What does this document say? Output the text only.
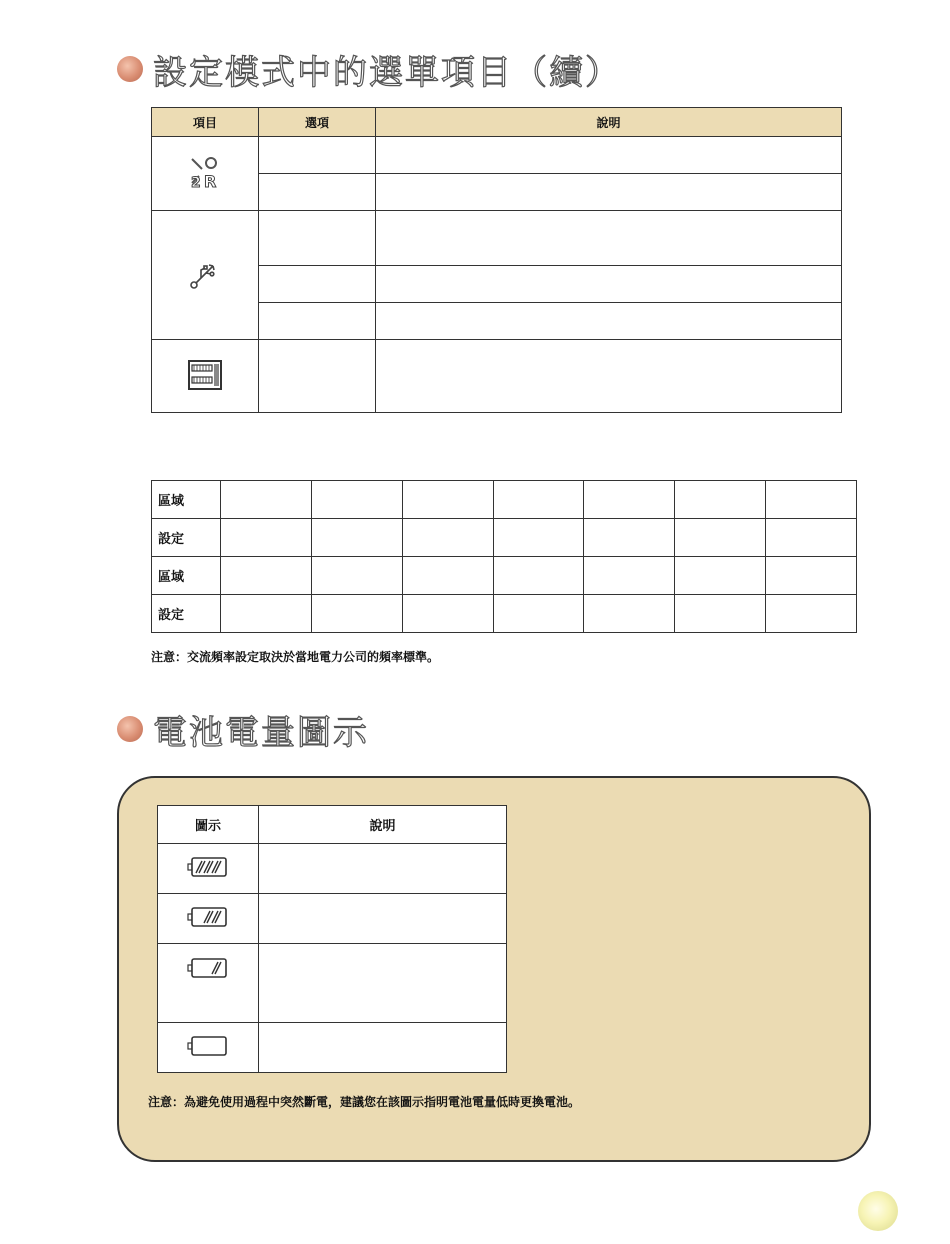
設定模式中的選單項目（續）
項目	選項	說明

R
2		

區域							
設定							
區域							
設定							
注意：交流頻率設定取決於當地電力公司的頻率標準。
電池電量圖示
圖示	說明

注意：為避免使用過程中突然斷電，建議您在該圖示指明電池電量低時更換電池。
